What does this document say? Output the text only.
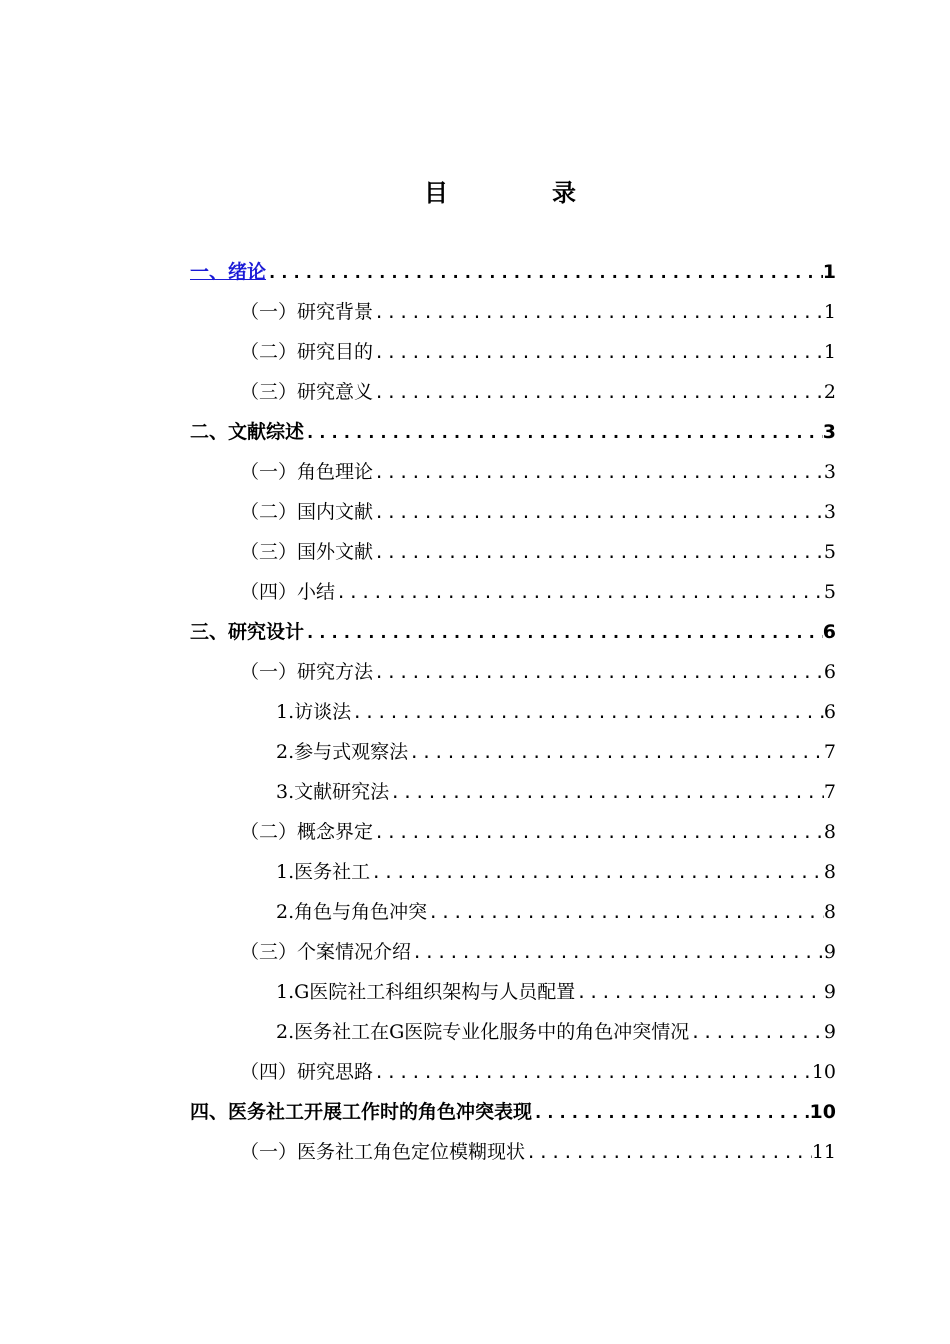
目　录
一、绪论 .....	1
（一）研究背景 .....	1
（二）研究目的 .....	1
（三）研究意义 .....	2
二、文献综述 .....	3
（一）角色理论 .....	3
（二）国内文献 .....	3
（三）国外文献 .....	5
（四）小结 .....	5
三、研究设计 .....	6
（一）研究方法 .....	6
1.访谈法 .....	6
2.参与式观察法 .....	7
3.文献研究法 .....	7
（二）概念界定 .....	8
1.医务社工 .....	8
2.角色与角色冲突 .....	8
（三）个案情况介绍 .....	9
1.G医院社工科组织架构与人员配置 .....	9
2.医务社工在G医院专业化服务中的角色冲突情况 .....	9
（四）研究思路 .....	10
四、医务社工开展工作时的角色冲突表现 .....	10
（一）医务社工角色定位模糊现状 .....	11
